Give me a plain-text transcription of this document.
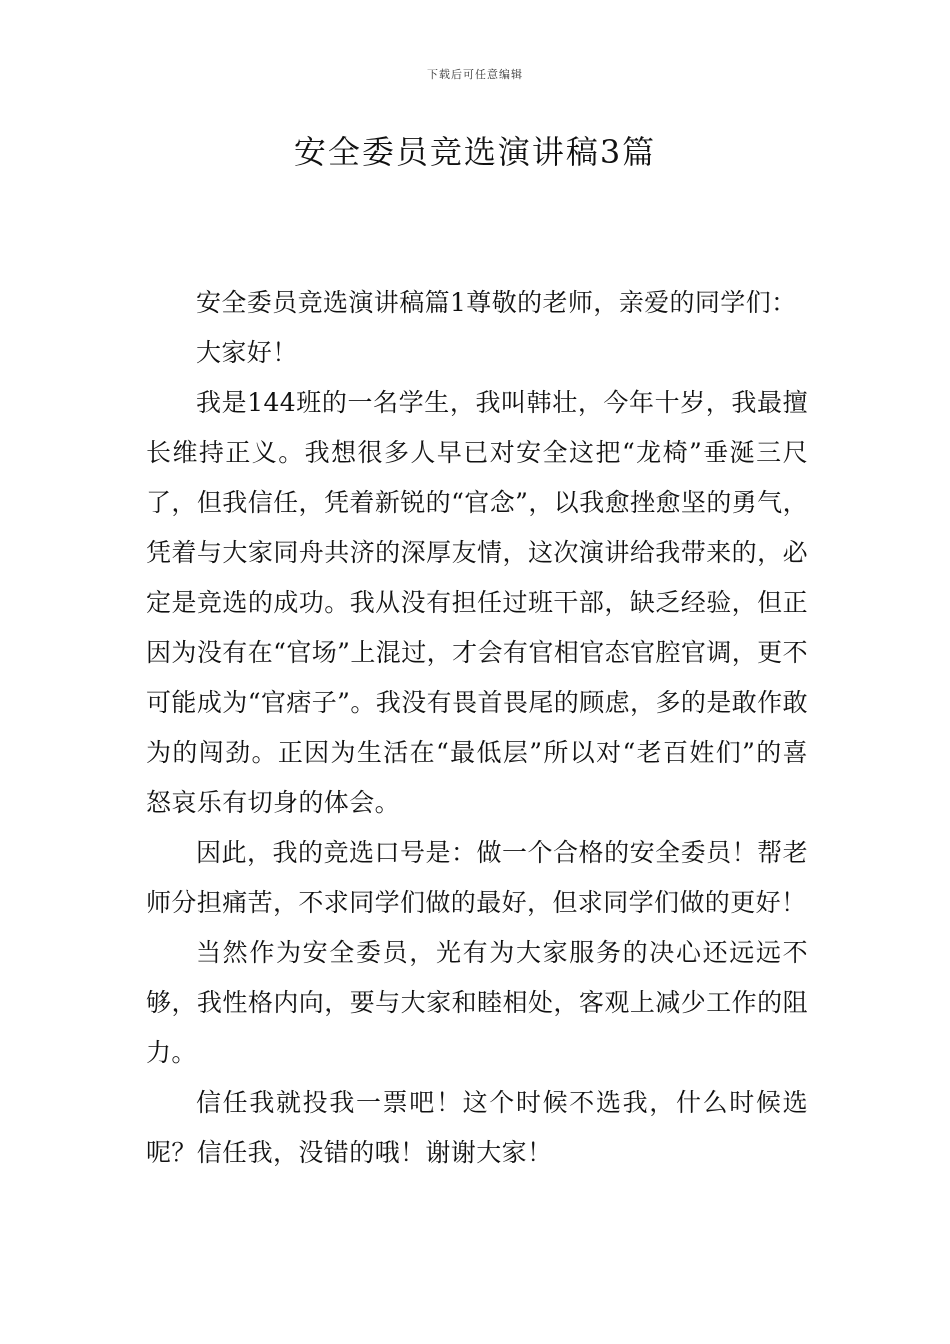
下载后可任意编辑
安全委员竞选演讲稿3篇

安全委员竞选演讲稿篇1尊敬的老师，亲爱的同学们：

大家好！

我是144班的一名学生，我叫韩壮，今年十岁，我最擅长维持正义。我想很多人早已对安全这把“龙椅”垂涎三尺了，但我信任，凭着新锐的“官念”，以我愈挫愈坚的勇气，凭着与大家同舟共济的深厚友情，这次演讲给我带来的，必定是竞选的成功。我从没有担任过班干部，缺乏经验，但正因为没有在“官场”上混过，才会有官相官态官腔官调，更不可能成为“官痞子”。我没有畏首畏尾的顾虑，多的是敢作敢为的闯劲。正因为生活在“最低层”所以对“老百姓们”的喜怒哀乐有切身的体会。

因此，我的竞选口号是：做一个合格的安全委员！帮老师分担痛苦，不求同学们做的最好，但求同学们做的更好！

当然作为安全委员，光有为大家服务的决心还远远不够，我性格内向，要与大家和睦相处，客观上减少工作的阻力。

信任我就投我一票吧！这个时候不选我，什么时候选呢？信任我，没错的哦！谢谢大家！
